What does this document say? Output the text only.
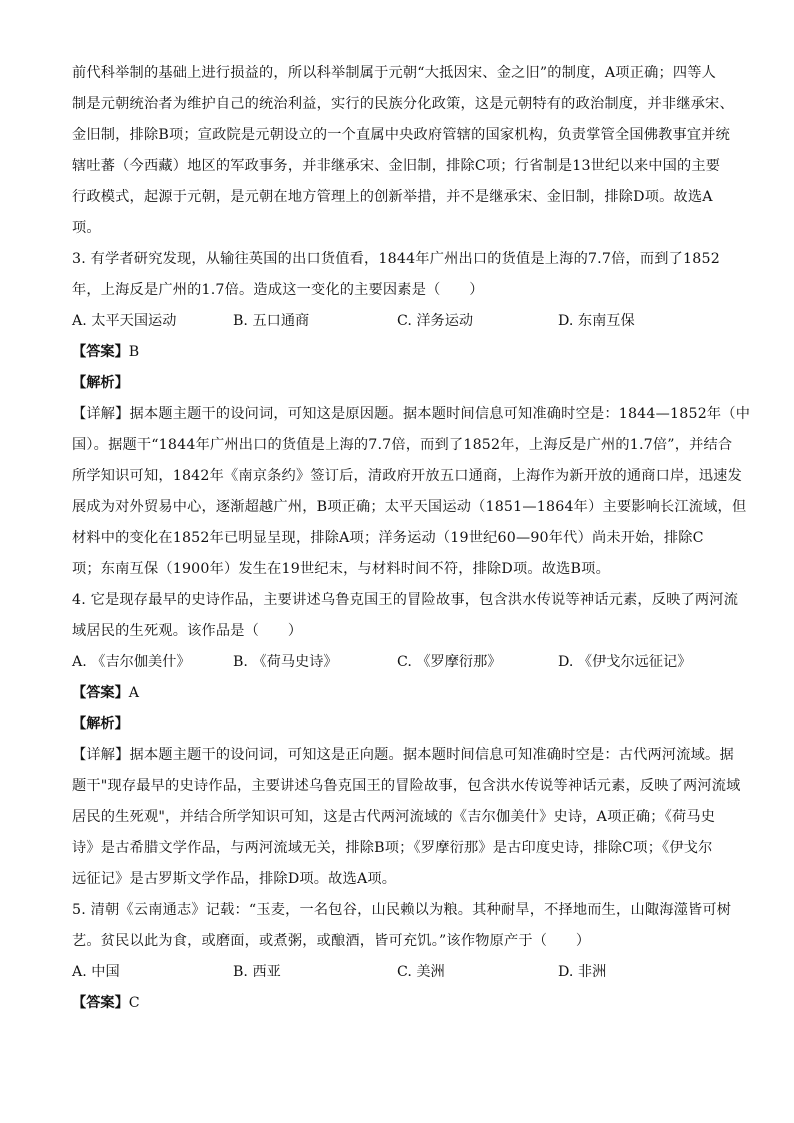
前代科举制的基础上进行损益的，所以科举制属于元朝“大抵因宋、金之旧”的制度，A项正确；四等人
制是元朝统治者为维护自己的统治利益，实行的民族分化政策，这是元朝特有的政治制度，并非继承宋、
金旧制，排除B项；宣政院是元朝设立的一个直属中央政府管辖的国家机构，负责掌管全国佛教事宜并统
辖吐蕃（今西藏）地区的军政事务，并非继承宋、金旧制，排除C项；行省制是13世纪以来中国的主要
行政模式，起源于元朝，是元朝在地方管理上的创新举措，并不是继承宋、金旧制，排除D项。故选A
项。

3. 有学者研究发现，从输往英国的出口货值看，1844年广州出口的货值是上海的7.7倍，而到了1852
年，上海反是广州的1.7倍。造成这一变化的主要因素是（　　）

A. 太平天国运动	B. 五口通商	C. 洋务运动	D. 东南互保

【答案】B

【解析】

【详解】据本题主题干的设问词，可知这是原因题。据本题时间信息可知准确时空是：1844—1852年（中
国）。据题干“1844年广州出口的货值是上海的7.7倍，而到了1852年，上海反是广州的1.7倍”，并结合
所学知识可知，1842年《南京条约》签订后，清政府开放五口通商，上海作为新开放的通商口岸，迅速发
展成为对外贸易中心，逐渐超越广州，B项正确；太平天国运动（1851—1864年）主要影响长江流域，但
材料中的变化在1852年已明显呈现，排除A项；洋务运动（19世纪60—90年代）尚未开始，排除C
项；东南互保（1900年）发生在19世纪末，与材料时间不符，排除D项。故选B项。

4. 它是现存最早的史诗作品，主要讲述乌鲁克国王的冒险故事，包含洪水传说等神话元素，反映了两河流
域居民的生死观。该作品是（　　）

A. 《吉尔伽美什》	B. 《荷马史诗》	C. 《罗摩衍那》	D. 《伊戈尔远征记》

【答案】A

【解析】

【详解】据本题主题干的设问词，可知这是正向题。据本题时间信息可知准确时空是：古代两河流域。据
题干"现存最早的史诗作品，主要讲述乌鲁克国王的冒险故事，包含洪水传说等神话元素，反映了两河流域
居民的生死观"，并结合所学知识可知，这是古代两河流域的《吉尔伽美什》史诗，A项正确；《荷马史
诗》是古希腊文学作品，与两河流域无关，排除B项；《罗摩衍那》是古印度史诗，排除C项；《伊戈尔
远征记》是古罗斯文学作品，排除D项。故选A项。

5. 清朝《云南通志》记载：“玉麦，一名包谷，山民赖以为粮。其种耐旱，不择地而生，山陬海澨皆可树
艺。贫民以此为食，或磨面，或煮粥，或酿酒，皆可充饥。”该作物原产于（　　）

A. 中国	B. 西亚	C. 美洲	D. 非洲

【答案】C
